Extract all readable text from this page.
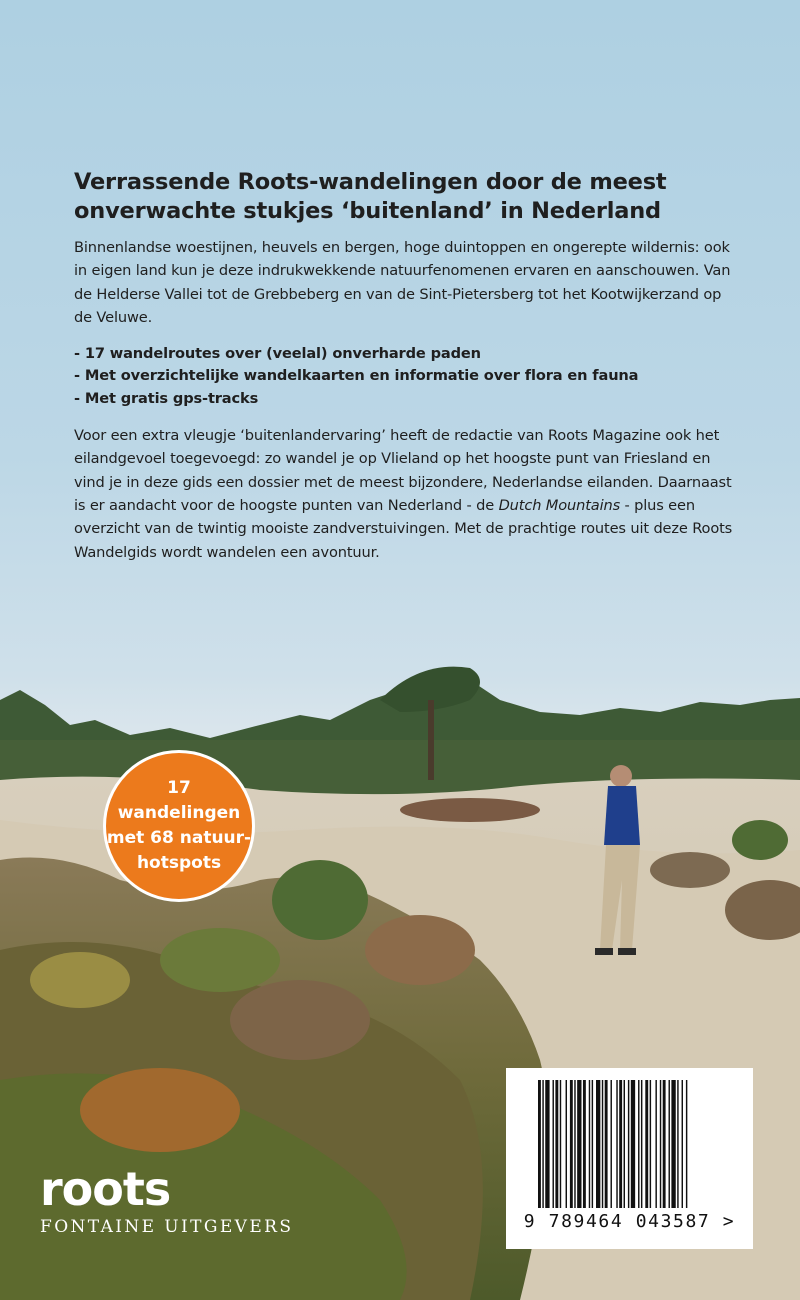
Verrassende Roots-wandelingen door de meest onverwachte stukjes ‘buitenland’ in Nederland

Binnenlandse woestijnen, heuvels en bergen, hoge duintoppen en ongerepte wildernis: ook in eigen land kun je deze indrukwekkende natuurfenomenen ervaren en aanschouwen. Van de Helderse Vallei tot de Grebbeberg en van de Sint-Pietersberg tot het Kootwijkerzand op de Veluwe.

- 17 wandelroutes over (veelal) onverharde paden
- Met overzichtelijke wandelkaarten en informatie over flora en fauna
- Met gratis gps-tracks

Voor een extra vleugje ‘buitenlandervaring’ heeft de redactie van Roots Magazine ook het eilandgevoel toegevoegd: zo wandel je op Vlieland op het hoogste punt van Friesland en vind je in deze gids een dossier met de meest bijzondere, Nederlandse eilanden. Daarnaast is er aandacht voor de hoogste punten van Nederland - de Dutch Mountains - plus een overzicht van de twintig mooiste zandverstuivingen. Met de prachtige routes uit deze Roots Wandelgids wordt wandelen een avontuur.

17
wandelingen
met 68 natuur-
hotspots
roots
FONTAINE UITGEVERS	9 789464 043587 >
